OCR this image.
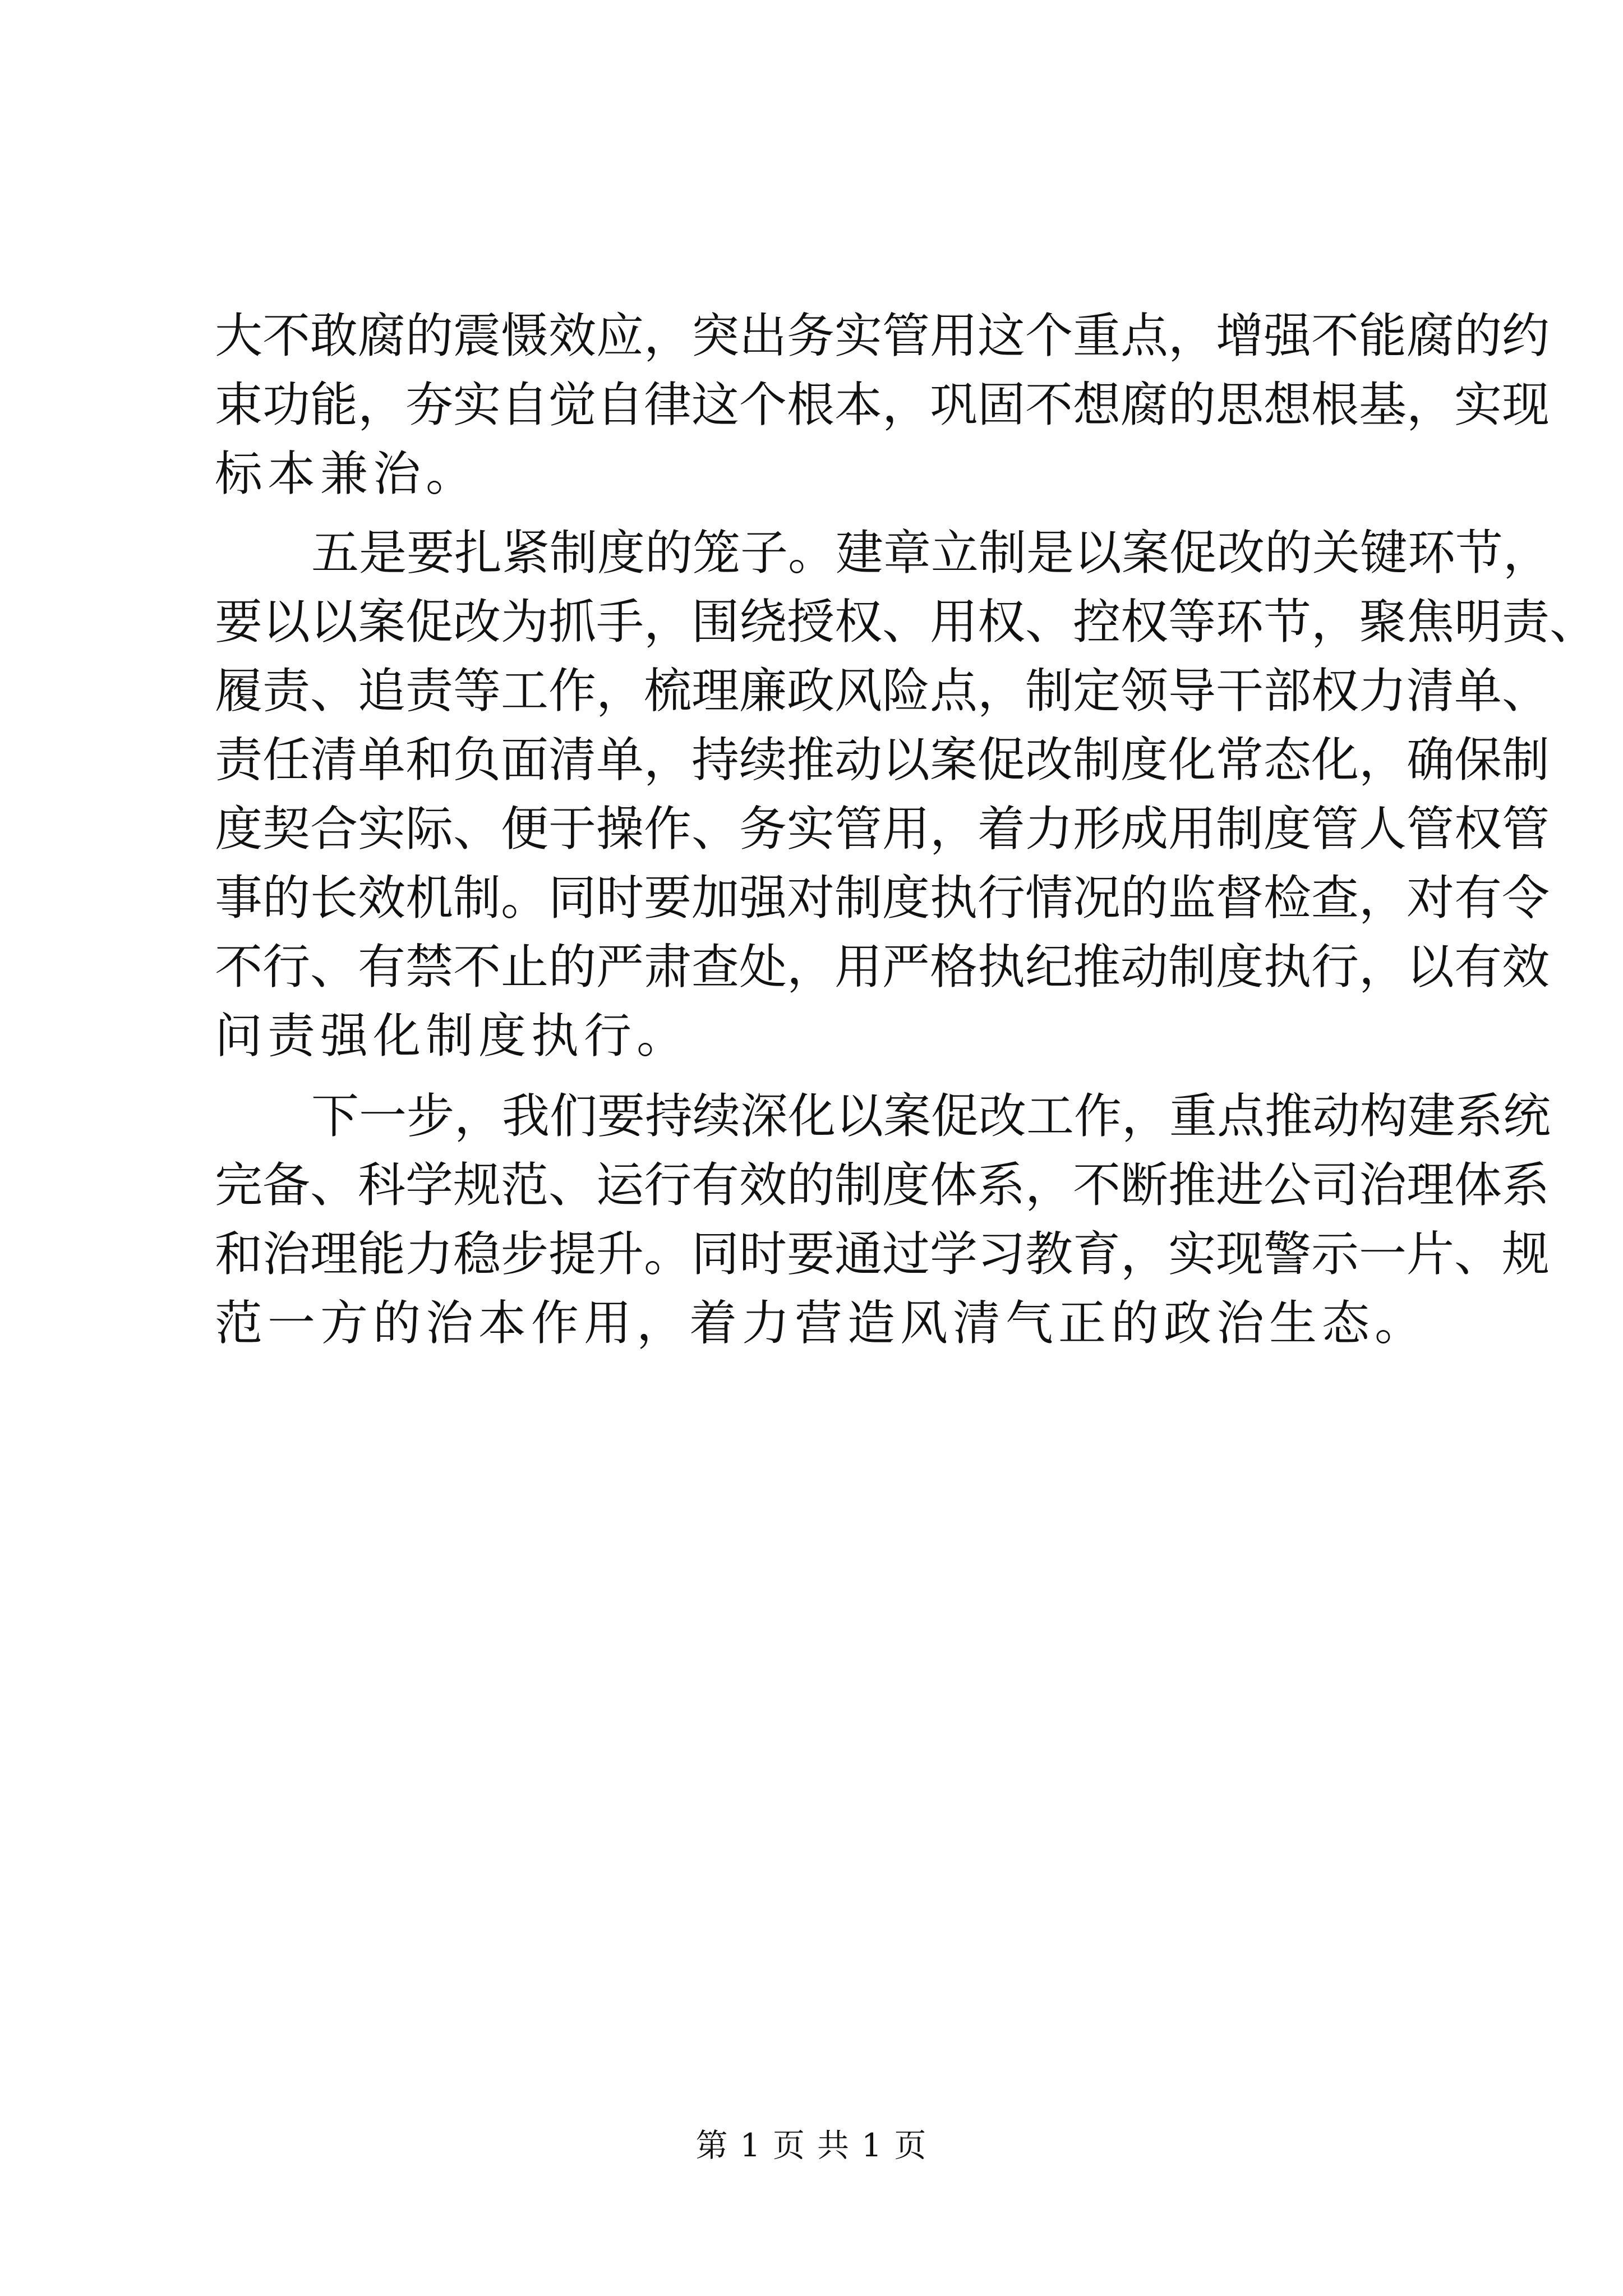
大不敢腐的震慑效应，突出务实管用这个重点，增强不能腐的约
束功能，夯实自觉自律这个根本，巩固不想腐的思想根基，实现
标本兼治。
五是要扎紧制度的笼子。建章立制是以案促改的关键环节，
要以以案促改为抓手，围绕授权、用权、控权等环节，聚焦明责、
履责、追责等工作，梳理廉政风险点，制定领导干部权力清单、
责任清单和负面清单，持续推动以案促改制度化常态化，确保制
度契合实际、便于操作、务实管用，着力形成用制度管人管权管
事的长效机制。同时要加强对制度执行情况的监督检查，对有令
不行、有禁不止的严肃查处，用严格执纪推动制度执行，以有效
问责强化制度执行。
下一步，我们要持续深化以案促改工作，重点推动构建系统
完备、科学规范、运行有效的制度体系，不断推进公司治理体系
和治理能力稳步提升。同时要通过学习教育，实现警示一片、规
范一方的治本作用，着力营造风清气正的政治生态。
第 1 页 共 1 页
